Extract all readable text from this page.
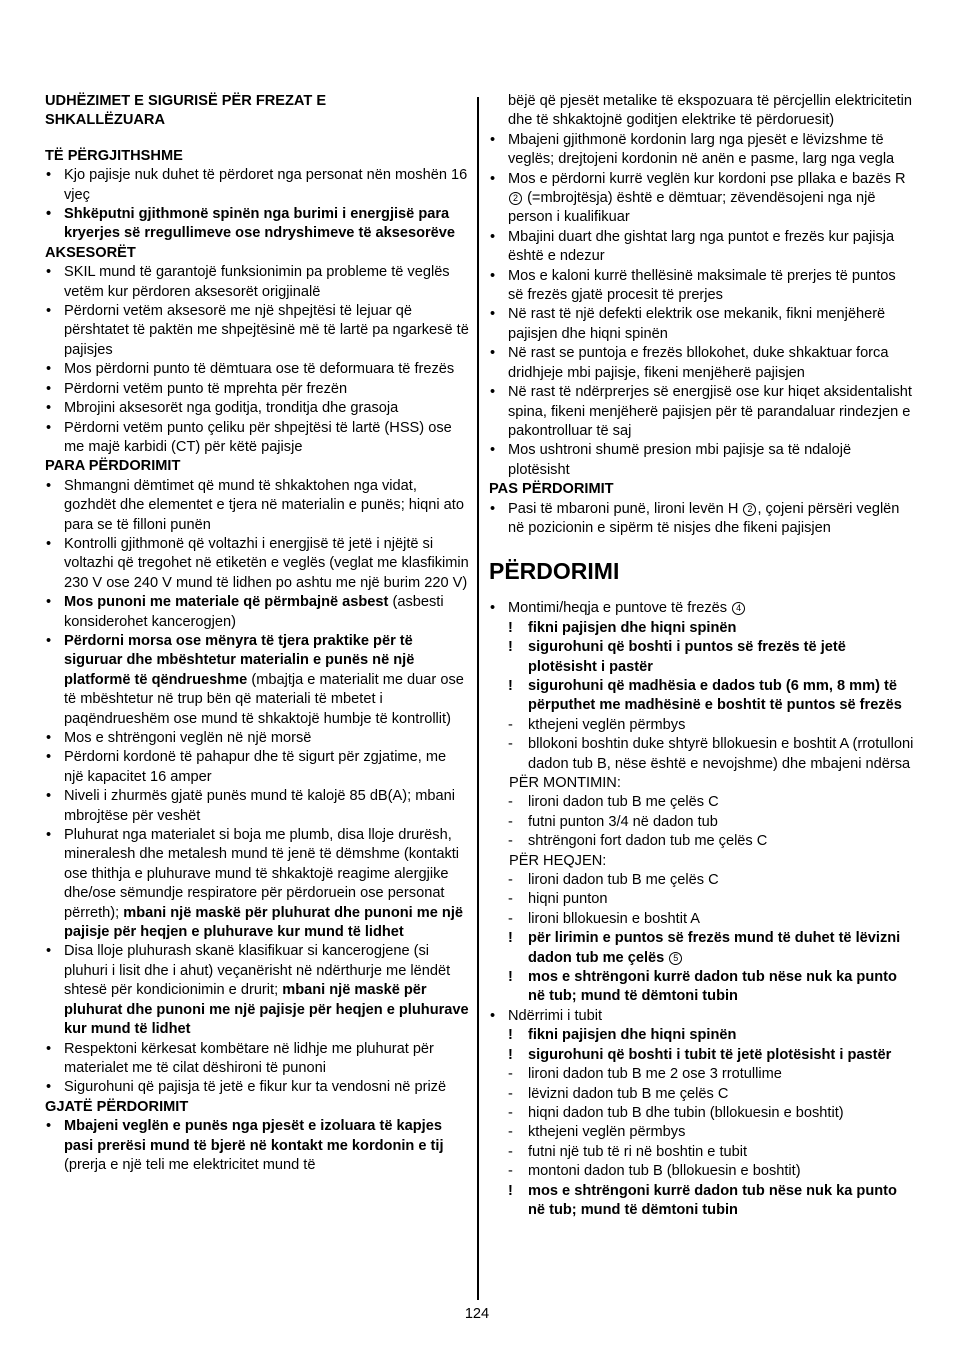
UDHËZIMET E SIGURISË PËR FREZAT E
SHKALLËZUARA
TË PËRGJITHSHME
• Kjo pajisje nuk duhet të përdoret nga personat nën moshën 16 vjeç
• Shkëputni gjithmonë spinën nga burimi i energjisë para kryerjes së rregullimeve ose ndryshimeve të aksesorëve
AKSESORËT
• SKIL mund të garantojë funksionimin pa probleme të veglës vetëm kur përdoren aksesorët origjinalë
• Përdorni vetëm aksesorë me një shpejtësi të lejuar që përshtatet të paktën me shpejtësinë më të lartë pa ngarkesë të pajisjes
• Mos përdorni punto të dëmtuara ose të deformuara të frezës
• Përdorni vetëm punto të mprehta për frezën
• Mbrojini aksesorët nga goditja, tronditja dhe grasoja
• Përdorni vetëm punto çeliku për shpejtësi të lartë (HSS) ose me majë karbidi (CT) për këtë pajisje
PARA PËRDORIMIT
• Shmangni dëmtimet që mund të shkaktohen nga vidat, gozhdët dhe elementet e tjera në materialin e punës; hiqni ato para se të filloni punën
• Kontrolli gjithmonë që voltazhi i energjisë të jetë i njëjtë si voltazhi që tregohet në etiketën e veglës (veglat me klasfikimin 230 V ose 240 V mund të lidhen po ashtu me një burim 220 V)
• Mos punoni me materiale që përmbajnë asbest (asbesti konsiderohet kancerogjen)
• Përdorni morsa ose mënyra të tjera praktike për të siguruar dhe mbështetur materialin e punës në një platformë të qëndrueshme (mbajtja e materialit me duar ose të mbështetur në trup bën që materiali të mbetet i paqëndrueshëm ose mund të shkaktojë humbje të kontrollit)
• Mos e shtrëngoni veglën në një morsë
• Përdorni kordonë të pahapur dhe të sigurt për zgjatime, me një kapacitet 16 amper
• Niveli i zhurmës gjatë punës mund të kalojë 85 dB(A); mbani mbrojtëse për veshët
• Pluhurat nga materialet si boja me plumb, disa lloje drurësh, mineralesh dhe metalesh mund të jenë të dëmshme (kontakti ose thithja e pluhurave mund të shkaktojë reagime alergjike dhe/ose sëmundje respiratore për përdoruein ose personat përreth); mbani një maskë për pluhurat dhe punoni me një pajisje për heqjen e pluhurave kur mund të lidhet
• Disa lloje pluhurash skanë klasifikuar si kancerogjene (si pluhuri i lisit dhe i ahut) veçanërisht në ndërthurje me lëndët shtesë për kondicionimin e drurit; mbani një maskë për pluhurat dhe punoni me një pajisje për heqjen e pluhurave kur mund të lidhet
• Respektoni kërkesat kombëtare në lidhje me pluhurat për materialet me të cilat dëshironi të punoni
• Sigurohuni që pajisja të jetë e fikur kur ta vendosni në prizë
GJATË PËRDORIMIT
• Mbajeni veglën e punës nga pjesët e izoluara të kapjes pasi prerësi mund të bjerë në kontakt me kordonin e tij (prerja e një teli me elektricitet mund të
bëjë që pjesët metalike të ekspozuara të përcjellin elektricitetin dhe të shkaktojnë goditjen elektrike të përdoruesit)
• Mbajeni gjithmonë kordonin larg nga pjesët e lëvizshme të veglës; drejtojeni kordonin në anën e pasme, larg nga vegla
• Mos e përdorni kurrë veglën kur kordoni pse pllaka e bazës R 2 (=mbrojtësja) është e dëmtuar; zëvendësojeni nga një person i kualifikuar
• Mbajini duart dhe gishtat larg nga puntot e frezës kur pajisja është e ndezur
• Mos e kaloni kurrë thellësinë maksimale të prerjes të puntos së frezës gjatë procesit të prerjes
• Në rast të një defekti elektrik ose mekanik, fikni menjëherë pajisjen dhe hiqni spinën
• Në rast se puntoja e frezës bllokohet, duke shkaktuar forca dridhjeje mbi pajisje, fikeni menjëherë pajisjen
• Në rast të ndërprerjes së energjisë ose kur hiqet aksidentalisht spina, fikeni menjëherë pajisjen për të parandaluar rindezjen e pakontrolluar të saj
• Mos ushtroni shumë presion mbi pajisje sa të ndalojë plotësisht
PAS PËRDORIMIT
• Pasi të mbaroni punë, lironi levën H 2 , çojeni përsëri veglën në pozicionin e sipërm të nisjes dhe fikeni pajisjen
PËRDORIMI
• Montimi/heqja e puntove të frezës 4
! fikni pajisjen dhe hiqni spinën
! sigurohuni që boshti i puntos së frezës të jetë plotësisht i pastër
! sigurohuni që madhësia e dados tub (6 mm, 8 mm) të përputhet me madhësinë e boshtit të puntos së frezës
- kthejeni veglën përmbys
- bllokoni boshtin duke shtyrë bllokuesin e boshtit A (rrotulloni dadon tub B, nëse është e nevojshme) dhe mbajeni ndërsa
PËR MONTIMIN:
- lironi dadon tub B me çelës C
- futni punton 3/4 në dadon tub
- shtrëngoni fort dadon tub me çelës C
PËR HEQJEN:
- lironi dadon tub B me çelës C
- hiqni punton
- lironi bllokuesin e boshtit A
! për lirimin e puntos së frezës mund të duhet të lëvizni dadon tub me çelës 5
! mos e shtrëngoni kurrë dadon tub nëse nuk ka punto në tub; mund të dëmtoni tubin
• Ndërrimi i tubit
! fikni pajisjen dhe hiqni spinën
! sigurohuni që boshti i tubit të jetë plotësisht i pastër
- lironi dadon tub B me 2 ose 3 rrotullime
- lëvizni dadon tub B me çelës C
- hiqni dadon tub B dhe tubin (bllokuesin e boshtit)
- kthejeni veglën përmbys
- futni një tub të ri në boshtin e tubit
- montoni dadon tub B (bllokuesin e boshtit)
! mos e shtrëngoni kurrë dadon tub nëse nuk ka punto në tub; mund të dëmtoni tubin
124
